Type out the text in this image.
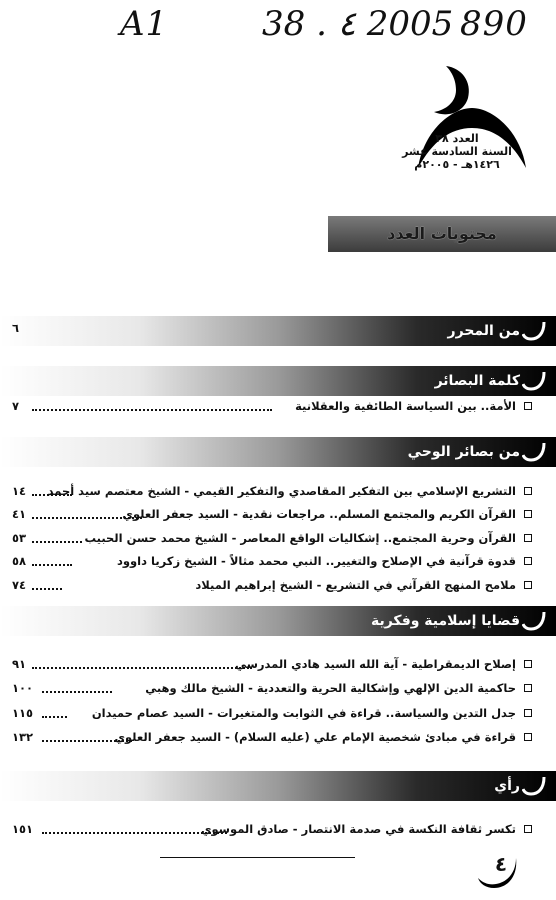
A1	38 . ٤ 2005 890
العدد ٣٨
السنة السادسة عشر
١٤٢٦هـ - ٢٠٠٥م
محتويات العدد
من المحرر
٦
كلمة البصائر
الأمة.. بين السياسة الطائفية والعقلانية
٧
من بصائر الوحي
التشريع الإسلامي بين التفكير المقاصدي والتفكير القيمي - الشيخ معتصم سيد أحمد
١٤
القرآن الكريم والمجتمع المسلم.. مراجعات نقدية - السيد جعفر العلوي
٤١
القرآن وحرية المجتمع.. إشكاليات الواقع المعاصر - الشيخ محمد حسن الحبيب
٥٣
قدوة قرآنية في الإصلاح والتغيير.. النبي محمد مثالاً - الشيخ زكريا داوود
٥٨
ملامح المنهج القرآني في التشريع - الشيخ إبراهيم الميلاد
٧٤
قضايا إسلامية وفكرية
إصلاح الديمقراطية - آية الله السيد هادي المدرسي
٩١
حاكمية الدين الإلهي وإشكالية الحرية والتعددية - الشيخ مالك وهبي
١٠٠
جدل التدين والسياسة.. قراءة في الثوابت والمتغيرات - السيد عصام حميدان
١١٥
قراءة في مبادئ شخصية الإمام علي (عليه السلام) - السيد جعفر العلوي
١٣٢
رأي
تكسر ثقافة النكسة في صدمة الانتصار - صادق الموسوي
١٥١
٤
